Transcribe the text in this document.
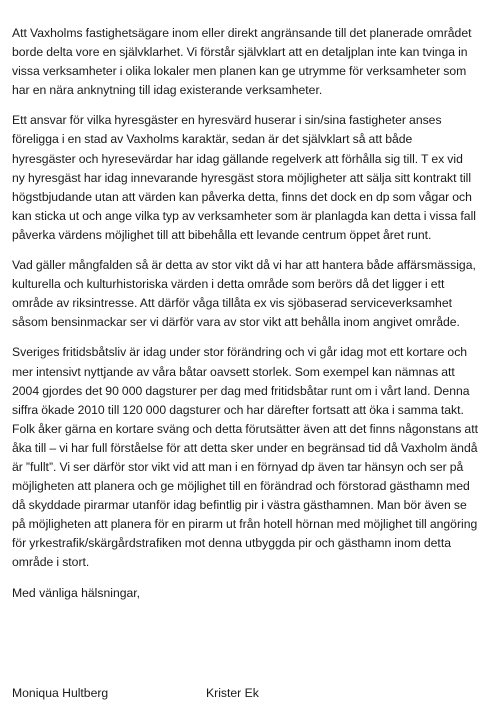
Att Vaxholms fastighetsägare inom eller direkt angränsande till det planerade området borde delta vore en självklarhet. Vi förstår självklart att en detaljplan inte kan tvinga in vissa verksamheter i olika lokaler men planen kan ge utrymme för verksamheter som har en nära anknytning till idag existerande verksamheter.

Ett ansvar för vilka hyresgäster en hyresvärd huserar i sin/sina fastigheter anses föreligga i en stad av Vaxholms karaktär, sedan är det självklart så att både hyresgäster och hyresevärdar har idag gällande regelverk att förhålla sig till. T ex vid ny hyresgäst har idag innevarande hyresgäst stora möjligheter att sälja sitt kontrakt till högstbjudande utan att värden kan påverka detta, finns det dock en dp som vågar och kan sticka ut och ange vilka typ av verksamheter som är planlagda kan detta i vissa fall påverka värdens möjlighet till att bibehålla ett levande centrum öppet året runt.

Vad gäller mångfalden så är detta av stor vikt då vi har att hantera både affärsmässiga, kulturella och kulturhistoriska värden i detta område som berörs då det ligger i ett område av riksintresse. Att därför våga tillåta ex vis sjöbaserad serviceverksamhet såsom bensinmackar ser vi därför vara av stor vikt att behålla inom angivet område.

Sveriges fritidsbåtsliv är idag under stor förändring och vi går idag mot ett kortare och mer intensivt nyttjande av våra båtar oavsett storlek. Som exempel kan nämnas att 2004 gjordes det 90 000 dagsturer per dag med fritidsbåtar runt om i vårt land. Denna siffra ökade 2010 till 120 000 dagsturer och har därefter fortsatt att öka i samma takt. Folk åker gärna en kortare sväng och detta förutsätter även att det finns någonstans att åka till – vi har full förståelse för att detta sker under en begränsad tid då Vaxholm ändå är ”fullt”. Vi ser därför stor vikt vid att man i en förnyad dp även tar hänsyn och ser på möjligheten att planera och ge möjlighet till en förändrad och förstorad gästhamn med då skyddade pirarmar utanför idag befintlig pir i västra gästhamnen. Man bör även se på möjligheten att planera för en pirarm ut från hotell hörnan med möjlighet till angöring för yrkestrafik/skärgårdstrafiken mot denna utbyggda pir och gästhamn inom detta område i stort.

Med vänliga hälsningar,

Moniqua Hultberg	Krister Ek
